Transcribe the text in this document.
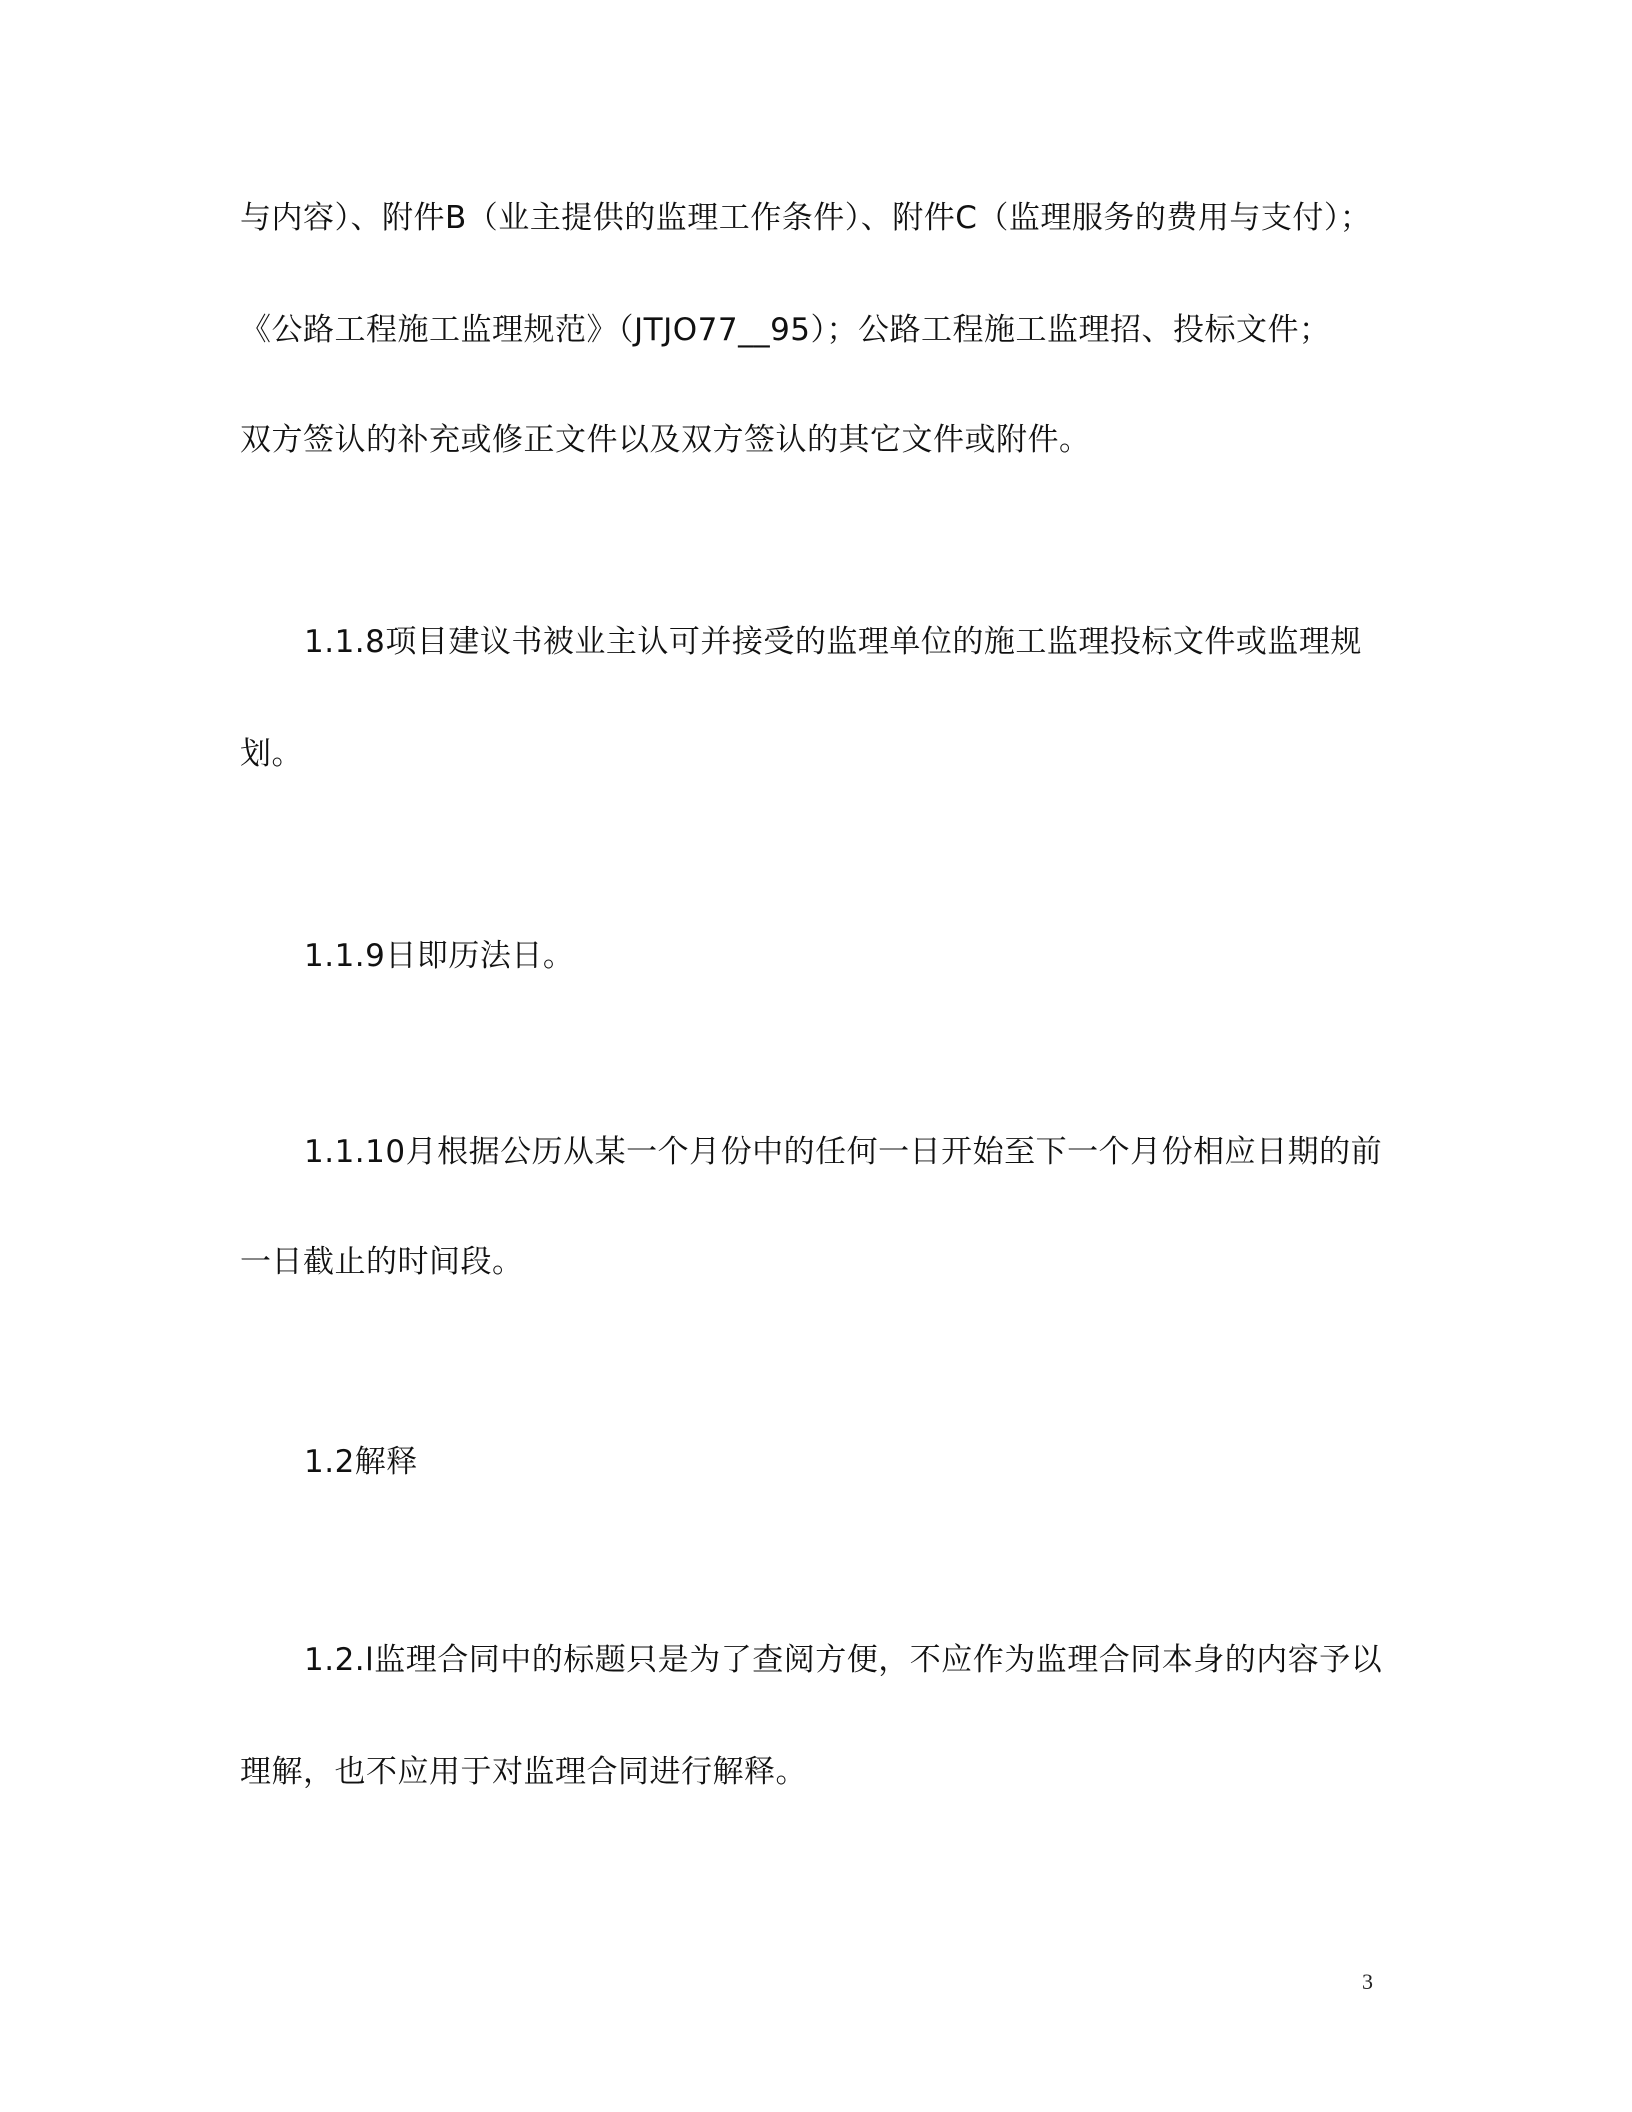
与内容）、附件B（业主提供的监理工作条件）、附件C（监理服务的费用与支付）；

《公路工程施工监理规范》（JTJO77__95）；公路工程施工监理招、投标文件；

双方签认的补充或修正文件以及双方签认的其它文件或附件。

1.1.8项目建议书被业主认可并接受的监理单位的施工监理投标文件或监理规

划。

1.1.9日即历法日。

1.1.10月根据公历从某一个月份中的任何一日开始至下一个月份相应日期的前

一日截止的时间段。

1.2解释

1.2.l监理合同中的标题只是为了查阅方便，不应作为监理合同本身的内容予以

理解，也不应用于对监理合同进行解释。

3
